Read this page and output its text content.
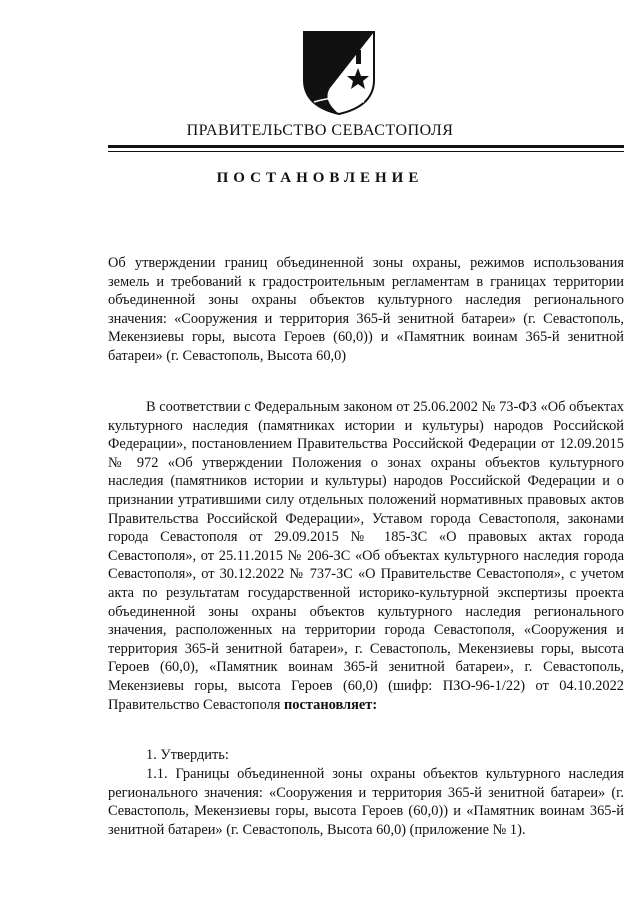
ПРАВИТЕЛЬСТВО СЕВАСТОПОЛЯ
ПОСТАНОВЛЕНИЕ
Об утверждении границ объединенной зоны охраны, режимов использования земель и требований к градостроительным регламентам в границах территории объединенной зоны охраны объектов культурного наследия регионального значения: «Сооружения и территория 365-й зенитной батареи» (г. Севастополь, Мекензиевы горы, высота Героев (60,0)) и «Памятник воинам 365-й зенитной батареи» (г. Севастополь, Высота 60,0)
В соответствии с Федеральным законом от 25.06.2002 № 73-ФЗ «Об объектах культурного наследия (памятниках истории и культуры) народов Российской Федерации», постановлением Правительства Российской Федерации от 12.09.2015 № 972 «Об утверждении Положения о зонах охраны объектов культурного наследия (памятников истории и культуры) народов Российской Федерации и о признании утратившими силу отдельных положений нормативных правовых актов Правительства Российской Федерации», Уставом города Севастополя, законами города Севастополя от 29.09.2015 № 185-ЗС «О правовых актах города Севастополя», от 25.11.2015 № 206-ЗС «Об объектах культурного наследия города Севастополя», от 30.12.2022 № 737-ЗС «О Правительстве Севастополя», с учетом акта по результатам государственной историко-культурной экспертизы проекта объединенной зоны охраны объектов культурного наследия регионального значения, расположенных на территории города Севастополя, «Сооружения и территория 365-й зенитной батареи», г. Севастополь, Мекензиевы горы, высота Героев (60,0), «Памятник воинам 365-й зенитной батареи», г. Севастополь, Мекензиевы горы, высота Героев (60,0) (шифр: ПЗО-96-1/22) от 04.10.2022 Правительство Севастополя постановляет:
1. Утвердить:
1.1. Границы объединенной зоны охраны объектов культурного наследия регионального значения: «Сооружения и территория 365-й зенитной батареи» (г. Севастополь, Мекензиевы горы, высота Героев (60,0)) и «Памятник воинам 365-й зенитной батареи» (г. Севастополь, Высота 60,0) (приложение № 1).
